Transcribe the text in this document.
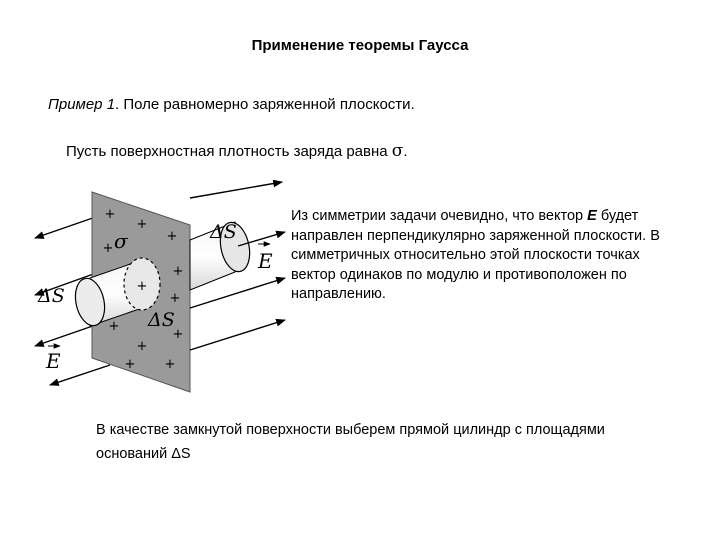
Применение теоремы Гаусса
Пример 1. Поле равномерно заряженной плоскости.
Пусть поверхностная плотность заряда равна σ.
+
+
+
+
+
+
+
+
+
+
+
+
σ	ΔS
ΔS
ΔS
E
E
Из симметрии задачи очевидно, что вектор E будет направлен перпендикулярно заряженной плоскости. В симметричных относительно этой плоскости точках вектор одинаков по модулю и противоположен по направлению.
В качестве замкнутой поверхности выберем прямой цилиндр с площадями оснований ΔS
